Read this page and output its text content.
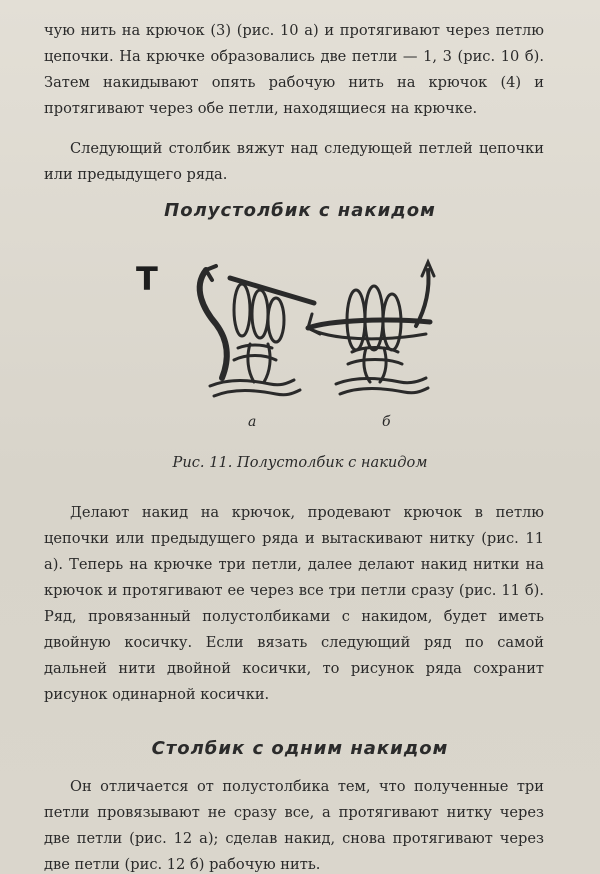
чую нить на крючок (3) (рис. 10 а) и протягивают через петлю цепочки. На крючке образовались две петли — 1, 3 (рис. 10 б). Затем накидывают опять рабочую нить на крючок (4) и протягивают через обе петли, находящиеся на крючке.

Следующий столбик вяжут над следующей петлей цепочки или предыдущего ряда.

Полустолбик с накидом
T

а	б

Рис. 11. Полустолбик с накидом

Делают накид на крючок, продевают крючок в петлю цепочки или предыдущего ряда и вытаскивают нитку (рис. 11 а). Теперь на крючке три петли, далее делают накид нитки на крючок и протягивают ее через все три петли сразу (рис. 11 б). Ряд, провязанный полустолбиками с накидом, будет иметь двойную косичку. Если вязать следующий ряд по самой дальней нити двойной косички, то рисунок ряда сохранит рисунок одинарной косички.

Столбик с одним накидом

Он отличается от полустолбика тем, что полученные три петли провязывают не сразу все, а протягивают нитку через две петли (рис. 12 а); сделав накид, снова протягивают через две петли (рис. 12 б) рабочую нить.
